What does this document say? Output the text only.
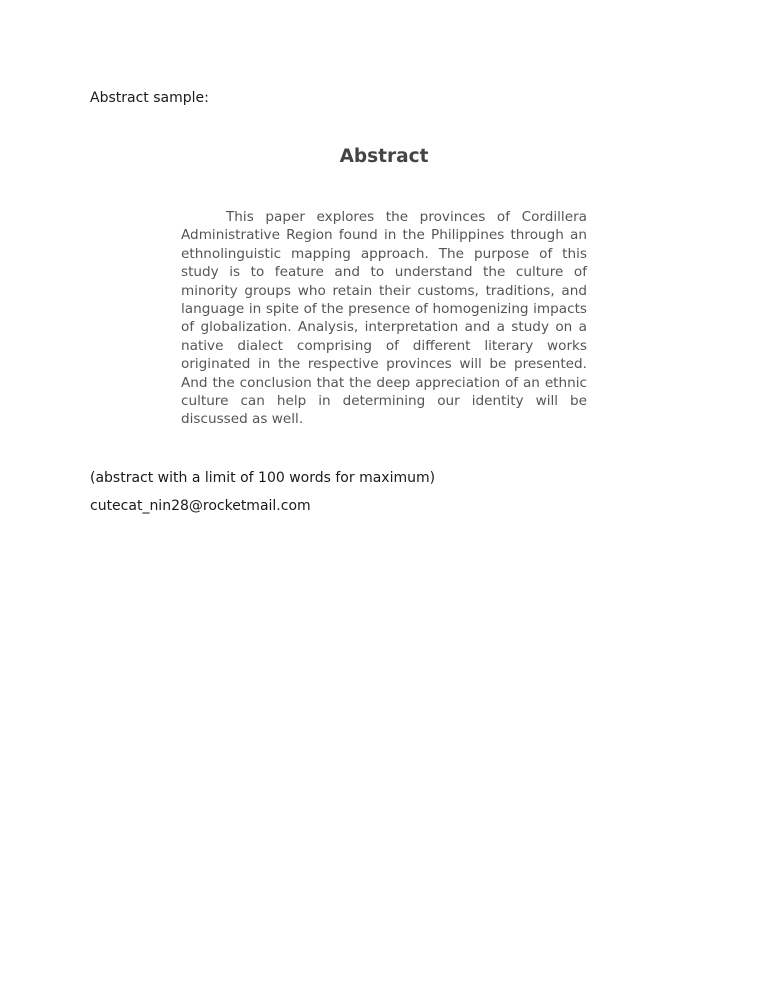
Abstract sample:
Abstract

This paper explores the provinces of Cordillera Administrative Region found in the Philippines through an ethnolinguistic mapping approach. The purpose of this study is to feature and to understand the culture of minority groups who retain their customs, traditions, and language in spite of the presence of homogenizing impacts of globalization. Analysis, interpretation and a study on a native dialect comprising of different literary works originated in the respective provinces will be presented. And the conclusion that the deep appreciation of an ethnic culture can help in determining our identity will be discussed as well.

(abstract with a limit of 100 words for maximum)
cutecat_nin28@rocketmail.com
